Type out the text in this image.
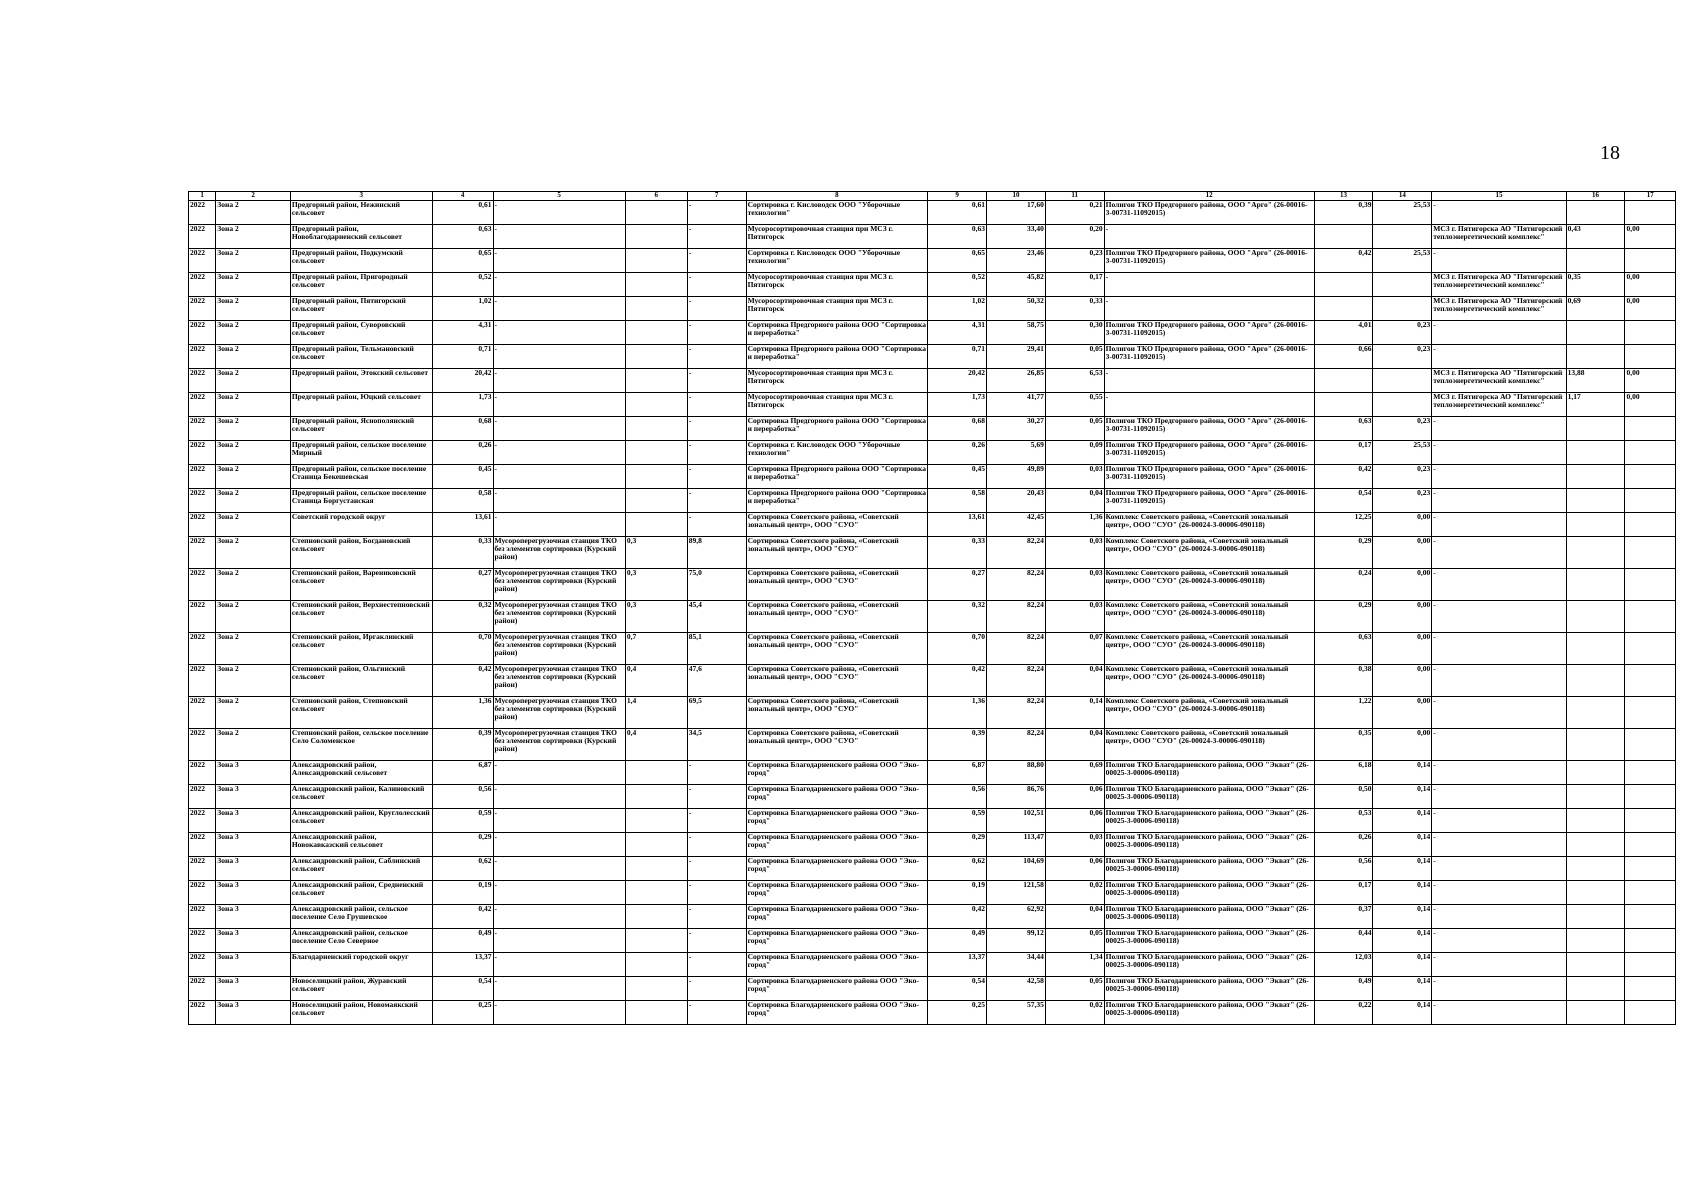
18
1	2	3	4	5	6	7	8	9	10	11	12	13	14	15	16	17
2022	Зона 2	Предгорный район, Нежинский сельсовет	0,61	-		-	Сортировка г. Кисловодск ООО "Уборочные технологии"	0,61	17,60	0,21	Полигон ТКО Предгорного района, ООО "Арго" (26-00016-3-00731-11092015)	0,39	25,53	-		
2022	Зона 2	Предгорный район, Новоблагодарненский сельсовет	0,63	-		-	Мусоросортировочная станция при МСЗ г. Пятигорск	0,63	33,40	0,20	-			МСЗ г. Пятигорска АО "Пятигорский теплоэнергетический комплекс"	0,43	0,00
2022	Зона 2	Предгорный район, Подкумский сельсовет	0,65	-		-	Сортировка г. Кисловодск ООО "Уборочные технологии"	0,65	23,46	0,23	Полигон ТКО Предгорного района, ООО "Арго" (26-00016-3-00731-11092015)	0,42	25,53	-		
2022	Зона 2	Предгорный район, Пригородный сельсовет	0,52	-		-	Мусоросортировочная станция при МСЗ г. Пятигорск	0,52	45,82	0,17	-			МСЗ г. Пятигорска АО "Пятигорский теплоэнергетический комплекс"	0,35	0,00
2022	Зона 2	Предгорный район, Пятигорский сельсовет	1,02	-		-	Мусоросортировочная станция при МСЗ г. Пятигорск	1,02	50,32	0,33	-			МСЗ г. Пятигорска АО "Пятигорский теплоэнергетический комплекс"	0,69	0,00
2022	Зона 2	Предгорный район, Суворовский сельсовет	4,31	-		-	Сортировка Предгорного района ООО "Сортировка и переработка"	4,31	58,75	0,30	Полигон ТКО Предгорного района, ООО "Арго" (26-00016-3-00731-11092015)	4,01	0,23	-		
2022	Зона 2	Предгорный район, Тельмановский сельсовет	0,71	-		-	Сортировка Предгорного района ООО "Сортировка и переработка"	0,71	29,41	0,05	Полигон ТКО Предгорного района, ООО "Арго" (26-00016-3-00731-11092015)	0,66	0,23	-		
2022	Зона 2	Предгорный район, Этокский сельсовет	20,42	-		-	Мусоросортировочная станция при МСЗ г. Пятигорск	20,42	26,85	6,53	-			МСЗ г. Пятигорска АО "Пятигорский теплоэнергетический комплекс"	13,88	0,00
2022	Зона 2	Предгорный район, Юцкий сельсовет	1,73	-		-	Мусоросортировочная станция при МСЗ г. Пятигорск	1,73	41,77	0,55	-			МСЗ г. Пятигорска АО "Пятигорский теплоэнергетический комплекс"	1,17	0,00
2022	Зона 2	Предгорный район, Яснополянский сельсовет	0,68	-		-	Сортировка Предгорного района ООО "Сортировка и переработка"	0,68	30,27	0,05	Полигон ТКО Предгорного района, ООО "Арго" (26-00016-3-00731-11092015)	0,63	0,23	-		
2022	Зона 2	Предгорный район, сельское поселение Мирный	0,26	-		-	Сортировка г. Кисловодск ООО "Уборочные технологии"	0,26	5,69	0,09	Полигон ТКО Предгорного района, ООО "Арго" (26-00016-3-00731-11092015)	0,17	25,53	-		
2022	Зона 2	Предгорный район, сельское поселение Станица Бекешевская	0,45	-		-	Сортировка Предгорного района ООО "Сортировка и переработка"	0,45	49,89	0,03	Полигон ТКО Предгорного района, ООО "Арго" (26-00016-3-00731-11092015)	0,42	0,23	-		
2022	Зона 2	Предгорный район, сельское поселение Станица Боргустанская	0,58	-		-	Сортировка Предгорного района ООО "Сортировка и переработка"	0,58	20,43	0,04	Полигон ТКО Предгорного района, ООО "Арго" (26-00016-3-00731-11092015)	0,54	0,23	-		
2022	Зона 2	Советский городской округ	13,61	-		-	Сортировка Советского района, «Советский зональный центр», ООО "СУО"	13,61	42,45	1,36	Комплекс Советского района, «Советский зональный центр», ООО "СУО" (26-00024-3-00006-090118)	12,25	0,00	-		
2022	Зона 2	Степновский район, Богдановский сельсовет	0,33	Мусороперегрузочная станция ТКО без элементов сортировки (Курский район)	0,3	89,8	Сортировка Советского района, «Советский зональный центр», ООО "СУО"	0,33	82,24	0,03	Комплекс Советского района, «Советский зональный центр», ООО "СУО" (26-00024-3-00006-090118)	0,29	0,00	-		
2022	Зона 2	Степновский район, Варениковский сельсовет	0,27	Мусороперегрузочная станция ТКО без элементов сортировки (Курский район)	0,3	75,0	Сортировка Советского района, «Советский зональный центр», ООО "СУО"	0,27	82,24	0,03	Комплекс Советского района, «Советский зональный центр», ООО "СУО" (26-00024-3-00006-090118)	0,24	0,00	-		
2022	Зона 2	Степновский район, Верхнестепновский сельсовет	0,32	Мусороперегрузочная станция ТКО без элементов сортировки (Курский район)	0,3	45,4	Сортировка Советского района, «Советский зональный центр», ООО "СУО"	0,32	82,24	0,03	Комплекс Советского района, «Советский зональный центр», ООО "СУО" (26-00024-3-00006-090118)	0,29	0,00	-		
2022	Зона 2	Степновский район, Иргаклинский сельсовет	0,70	Мусороперегрузочная станция ТКО без элементов сортировки (Курский район)	0,7	85,1	Сортировка Советского района, «Советский зональный центр», ООО "СУО"	0,70	82,24	0,07	Комплекс Советского района, «Советский зональный центр», ООО "СУО" (26-00024-3-00006-090118)	0,63	0,00	-		
2022	Зона 2	Степновский район, Ольгинский сельсовет	0,42	Мусороперегрузочная станция ТКО без элементов сортировки (Курский район)	0,4	47,6	Сортировка Советского района, «Советский зональный центр», ООО "СУО"	0,42	82,24	0,04	Комплекс Советского района, «Советский зональный центр», ООО "СУО" (26-00024-3-00006-090118)	0,38	0,00	-		
2022	Зона 2	Степновский район, Степновский сельсовет	1,36	Мусороперегрузочная станция ТКО без элементов сортировки (Курский район)	1,4	69,5	Сортировка Советского района, «Советский зональный центр», ООО "СУО"	1,36	82,24	0,14	Комплекс Советского района, «Советский зональный центр», ООО "СУО" (26-00024-3-00006-090118)	1,22	0,00	-		
2022	Зона 2	Степновский район, сельское поселение Село Соломенское	0,39	Мусороперегрузочная станция ТКО без элементов сортировки (Курский район)	0,4	34,5	Сортировка Советского района, «Советский зональный центр», ООО "СУО"	0,39	82,24	0,04	Комплекс Советского района, «Советский зональный центр», ООО "СУО" (26-00024-3-00006-090118)	0,35	0,00	-		
2022	Зона 3	Александровский район, Александровский сельсовет	6,87	-		-	Сортировка Благодарненского района ООО "Эко-город"	6,87	88,80	0,69	Полигон ТКО Благодарненского района, ООО "Экват" (26-00025-3-00006-090118)	6,18	0,14	-		
2022	Зона 3	Александровский район, Калиновский сельсовет	0,56	-		-	Сортировка Благодарненского района ООО "Эко-город"	0,56	86,76	0,06	Полигон ТКО Благодарненского района, ООО "Экват" (26-00025-3-00006-090118)	0,50	0,14	-		
2022	Зона 3	Александровский район, Круглолесский сельсовет	0,59	-		-	Сортировка Благодарненского района ООО "Эко-город"	0,59	102,51	0,06	Полигон ТКО Благодарненского района, ООО "Экват" (26-00025-3-00006-090118)	0,53	0,14	-		
2022	Зона 3	Александровский район, Новокавказский сельсовет	0,29	-		-	Сортировка Благодарненского района ООО "Эко-город"	0,29	113,47	0,03	Полигон ТКО Благодарненского района, ООО "Экват" (26-00025-3-00006-090118)	0,26	0,14	-		
2022	Зона 3	Александровский район, Саблинский сельсовет	0,62	-		-	Сортировка Благодарненского района ООО "Эко-город"	0,62	104,69	0,06	Полигон ТКО Благодарненского района, ООО "Экват" (26-00025-3-00006-090118)	0,56	0,14	-		
2022	Зона 3	Александровский район, Средненский сельсовет	0,19	-		-	Сортировка Благодарненского района ООО "Эко-город"	0,19	121,58	0,02	Полигон ТКО Благодарненского района, ООО "Экват" (26-00025-3-00006-090118)	0,17	0,14	-		
2022	Зона 3	Александровский район, сельское поселение Село Грушевское	0,42	-		-	Сортировка Благодарненского района ООО "Эко-город"	0,42	62,92	0,04	Полигон ТКО Благодарненского района, ООО "Экват" (26-00025-3-00006-090118)	0,37	0,14	-		
2022	Зона 3	Александровский район, сельское поселение Село Северное	0,49	-		-	Сортировка Благодарненского района ООО "Эко-город"	0,49	99,12	0,05	Полигон ТКО Благодарненского района, ООО "Экват" (26-00025-3-00006-090118)	0,44	0,14	-		
2022	Зона 3	Благодарненский городской округ	13,37	-		-	Сортировка Благодарненского района ООО "Эко-город"	13,37	34,44	1,34	Полигон ТКО Благодарненского района, ООО "Экват" (26-00025-3-00006-090118)	12,03	0,14	-		
2022	Зона 3	Новоселицкий район, Журавский сельсовет	0,54	-		-	Сортировка Благодарненского района ООО "Эко-город"	0,54	42,58	0,05	Полигон ТКО Благодарненского района, ООО "Экват" (26-00025-3-00006-090118)	0,49	0,14	-		
2022	Зона 3	Новоселицкий район, Новомаякский сельсовет	0,25	-		-	Сортировка Благодарненского района ООО "Эко-город"	0,25	57,35	0,02	Полигон ТКО Благодарненского района, ООО "Экват" (26-00025-3-00006-090118)	0,22	0,14	-		
